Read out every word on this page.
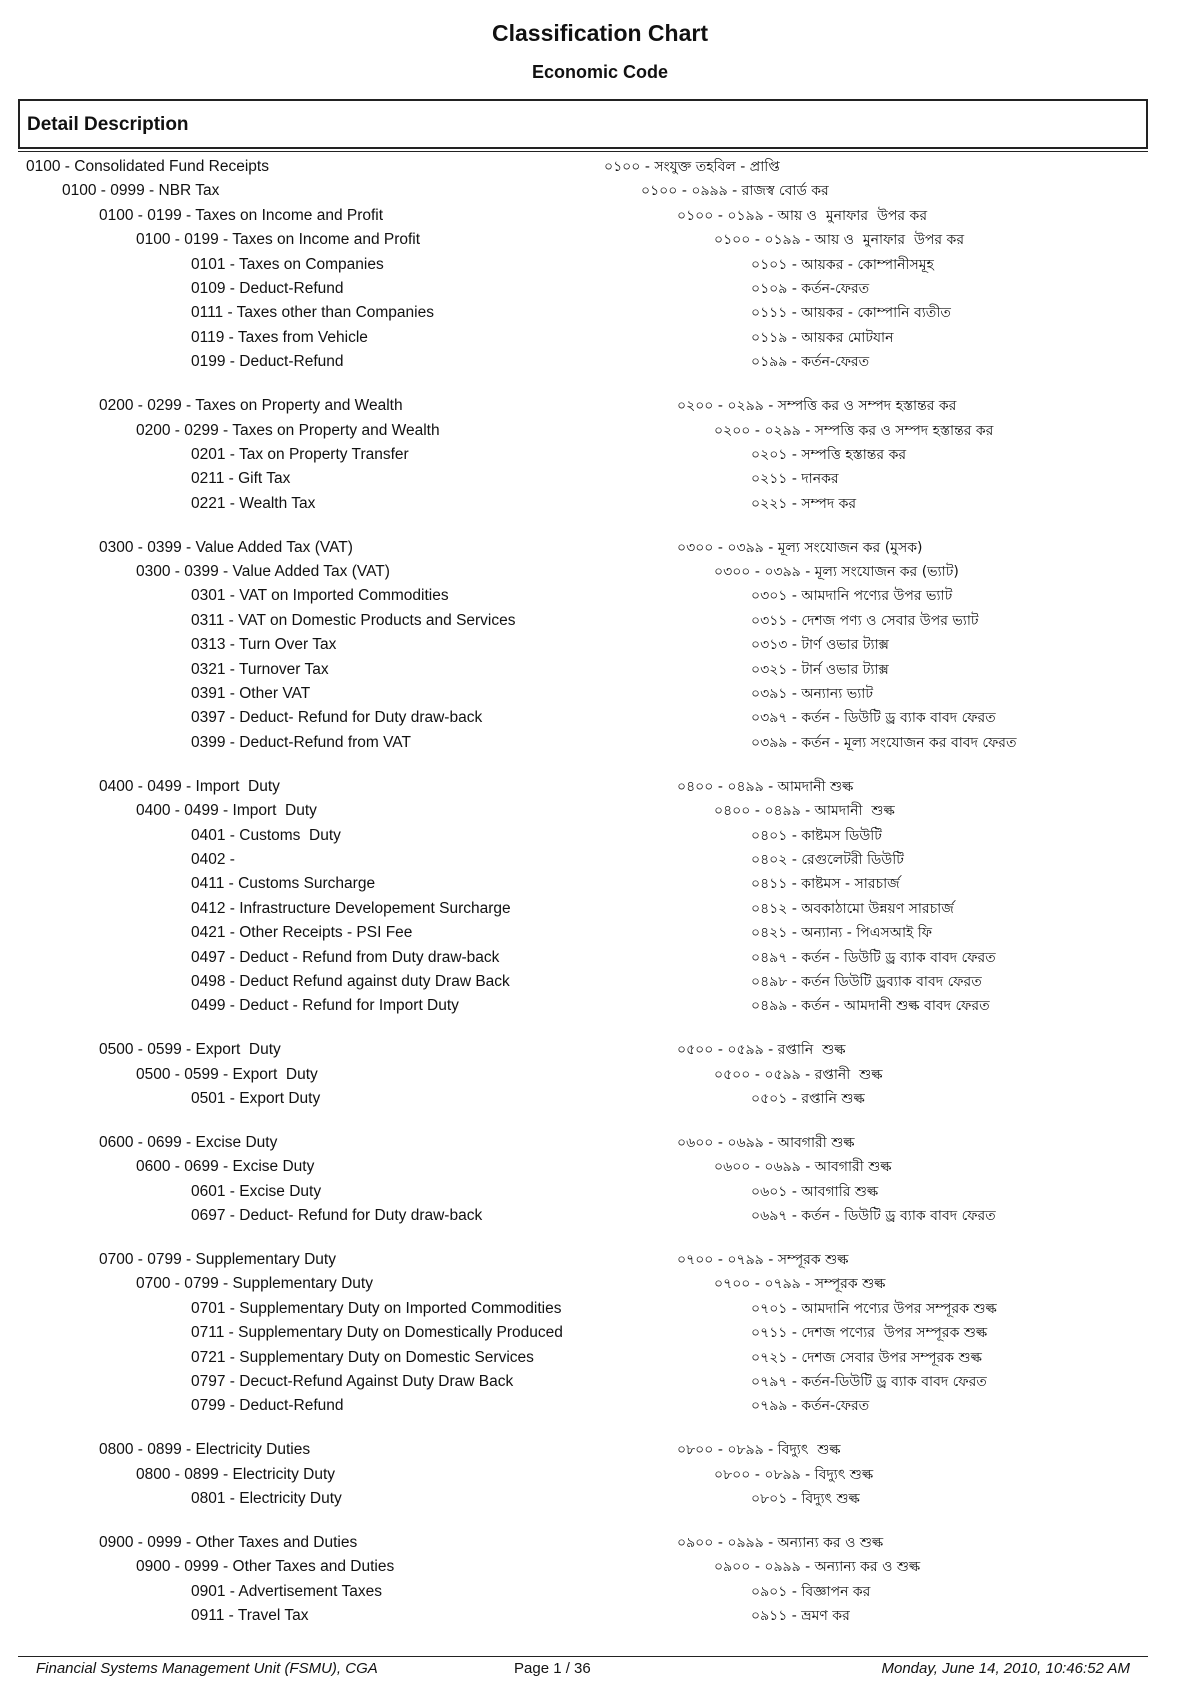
Classification Chart
Economic Code
Detail Description
0100 - Consolidated Fund Receipts	০১০০ - সংযুক্ত তহবিল - প্রাপ্তি
0100 - 0999 - NBR Tax	০১০০ - ০৯৯৯ - রাজস্ব বোর্ড কর
0100 - 0199 - Taxes on Income and Profit	০১০০ - ০১৯৯ - আয় ও  মুনাফার  উপর কর
0100 - 0199 - Taxes on Income and Profit	০১০০ - ০১৯৯ - আয় ও  মুনাফার  উপর কর
0101 - Taxes on Companies	০১০১ - আয়কর - কোম্পানীসমূহ
0109 - Deduct-Refund	০১০৯ - কর্তন-ফেরত
0111 - Taxes other than Companies	০১১১ - আয়কর - কোম্পানি ব্যতীত
0119 - Taxes from Vehicle	০১১৯ - আয়কর মোটযান
0199 - Deduct-Refund	০১৯৯ - কর্তন-ফেরত
0200 - 0299 - Taxes on Property and Wealth	০২০০ - ০২৯৯ - সম্পত্তি কর ও সম্পদ হস্তান্তর কর
0200 - 0299 - Taxes on Property and Wealth	০২০০ - ০২৯৯ - সম্পত্তি কর ও সম্পদ হস্তান্তর কর
0201 - Tax on Property Transfer	০২০১ - সম্পত্তি হস্তান্তর কর
0211 - Gift Tax	০২১১ - দানকর
0221 - Wealth Tax	০২২১ - সম্পদ কর
0300 - 0399 - Value Added Tax (VAT)	০৩০০ - ০৩৯৯ - মূল্য সংযোজন কর (মুসক)
0300 - 0399 - Value Added Tax (VAT)	০৩০০ - ০৩৯৯ - মূল্য সংযোজন কর (ভ্যাট)
0301 - VAT on Imported Commodities	০৩০১ - আমদানি পণ্যের উপর ভ্যাট
0311 - VAT on Domestic Products and Services	০৩১১ - দেশজ পণ্য ও সেবার উপর ভ্যাট
0313 - Turn Over Tax	০৩১৩ - টার্ণ ওভার ট্যাক্স
0321 - Turnover Tax	০৩২১ - টার্ন ওভার ট্যাক্স
0391 - Other VAT	০৩৯১ - অন্যান্য ভ্যাট
0397 - Deduct- Refund for Duty draw-back	০৩৯৭ - কর্তন - ডিউটি ড্র ব্যাক বাবদ ফেরত
0399 - Deduct-Refund from VAT	০৩৯৯ - কর্তন - মূল্য সংযোজন কর বাবদ ফেরত
0400 - 0499 - Import  Duty	০৪০০ - ০৪৯৯ - আমদানী শুল্ক
0400 - 0499 - Import  Duty	০৪০০ - ০৪৯৯ - আমদানী  শুল্ক
0401 - Customs  Duty	০৪০১ - কাষ্টমস ডিউটি
0402 -	০৪০২ - রেগুলেটরী ডিউটি
0411 - Customs Surcharge	০৪১১ - কাষ্টমস - সারচার্জ
0412 - Infrastructure Developement Surcharge	০৪১২ - অবকাঠামো উন্নয়ণ সারচার্জ
0421 - Other Receipts - PSI Fee	০৪২১ - অন্যান্য - পিএসআই ফি
0497 - Deduct - Refund from Duty draw-back	০৪৯৭ - কর্তন - ডিউটি ড্র ব্যাক বাবদ ফেরত
0498 - Deduct Refund against duty Draw Back	০৪৯৮ - কর্তন ডিউটি ড্রব্যাক বাবদ ফেরত
0499 - Deduct - Refund for Import Duty	০৪৯৯ - কর্তন - আমদানী শুল্ক বাবদ ফেরত
0500 - 0599 - Export  Duty	০৫০০ - ০৫৯৯ - রপ্তানি  শুল্ক
0500 - 0599 - Export  Duty	০৫০০ - ০৫৯৯ - রপ্তানী  শুল্ক
0501 - Export Duty	০৫০১ - রপ্তানি শুল্ক
0600 - 0699 - Excise Duty	০৬০০ - ০৬৯৯ - আবগারী শুল্ক
0600 - 0699 - Excise Duty	০৬০০ - ০৬৯৯ - আবগারী শুল্ক
0601 - Excise Duty	০৬০১ - আবগারি শুল্ক
0697 - Deduct- Refund for Duty draw-back	০৬৯৭ - কর্তন - ডিউটি ড্র ব্যাক বাবদ ফেরত
0700 - 0799 - Supplementary Duty	০৭০০ - ০৭৯৯ - সম্পূরক শুল্ক
0700 - 0799 - Supplementary Duty	০৭০০ - ০৭৯৯ - সম্পূরক শুল্ক
0701 - Supplementary Duty on Imported Commodities	০৭০১ - আমদানি পণ্যের উপর সম্পূরক শুল্ক
0711 - Supplementary Duty on Domestically Produced	০৭১১ - দেশজ পণ্যের  উপর সম্পূরক শুল্ক
0721 - Supplementary Duty on Domestic Services	০৭২১ - দেশজ সেবার উপর সম্পূরক শুল্ক
0797 - Decuct-Refund Against Duty Draw Back	০৭৯৭ - কর্তন-ডিউটি ড্র ব্যাক বাবদ ফেরত
0799 - Deduct-Refund	০৭৯৯ - কর্তন-ফেরত
0800 - 0899 - Electricity Duties	০৮০০ - ০৮৯৯ - বিদ্যুৎ  শুল্ক
0800 - 0899 - Electricity Duty	০৮০০ - ০৮৯৯ - বিদ্যুৎ শুল্ক
0801 - Electricity Duty	০৮০১ - বিদ্যুৎ শুল্ক
0900 - 0999 - Other Taxes and Duties	০৯০০ - ০৯৯৯ - অন্যান্য কর ও শুল্ক
0900 - 0999 - Other Taxes and Duties	০৯০০ - ০৯৯৯ - অন্যান্য কর ও শুল্ক
0901 - Advertisement Taxes	০৯০১ - বিজ্ঞাপন কর
0911 - Travel Tax	০৯১১ - ভ্রমণ কর
Financial Systems Management Unit (FSMU), CGA	Page 1 / 36	Monday, June 14, 2010, 10:46:52 AM
